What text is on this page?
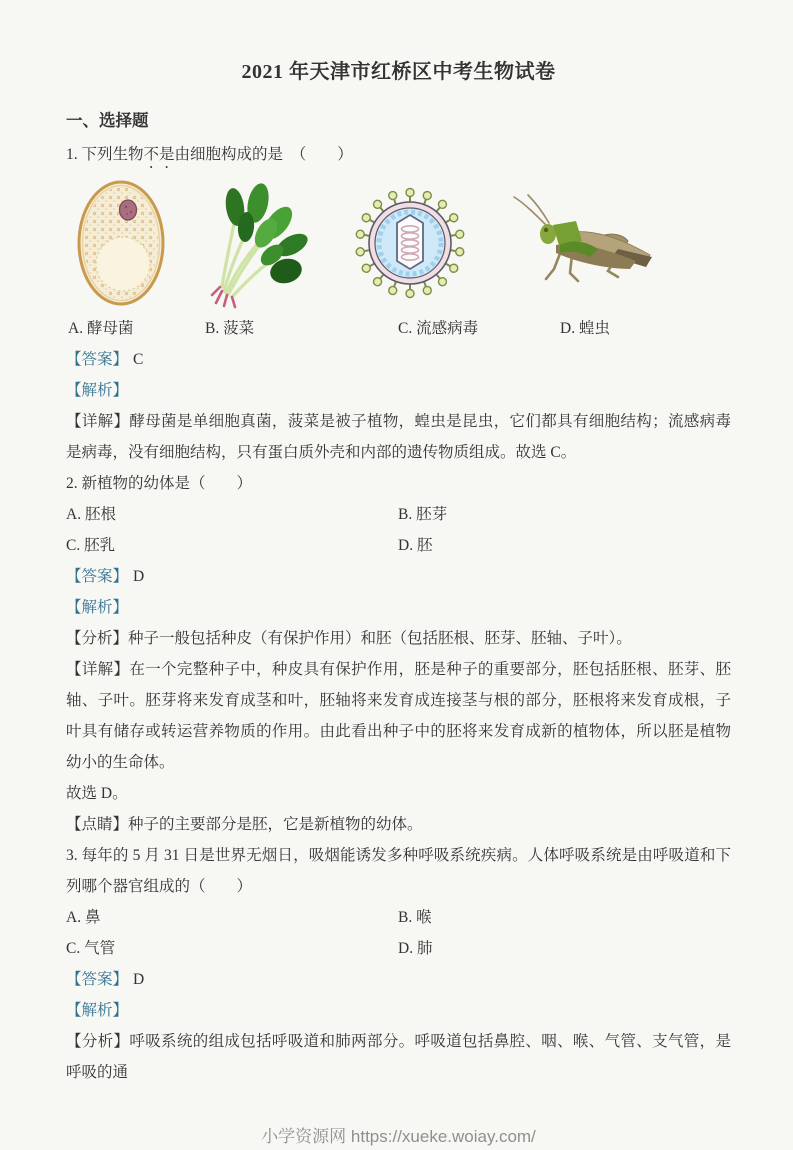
2021 年天津市红桥区中考生物试卷
一、选择题
1. 下列生物不是由细胞构成的是　（　　）
A. 酵母菌	B. 菠菜	C. 流感病毒	D. 蝗虫
【答案】 C
【解析】

【详解】酵母菌是单细胞真菌，菠菜是被子植物，蝗虫是昆虫，它们都具有细胞结构；流感病毒是病毒，没有细胞结构，只有蛋白质外壳和内部的遗传物质组成。故选 C。

2. 新植物的幼体是（　　）
A. 胚根	B. 胚芽
C. 胚乳	D. 胚
【答案】 D
【解析】

【分析】种子一般包括种皮（有保护作用）和胚（包括胚根、胚芽、胚轴、子叶）。

【详解】在一个完整种子中，种皮具有保护作用，胚是种子的重要部分，胚包括胚根、胚芽、胚轴、子叶。胚芽将来发育成茎和叶，胚轴将来发育成连接茎与根的部分，胚根将来发育成根，子叶具有储存或转运营养物质的作用。由此看出种子中的胚将来发育成新的植物体，所以胚是植物幼小的生命体。

故选 D。

【点睛】种子的主要部分是胚，它是新植物的幼体。

3. 每年的 5 月 31 日是世界无烟日，吸烟能诱发多种呼吸系统疾病。人体呼吸系统是由呼吸道和下列哪个器官组成的（　　）

A. 鼻	B. 喉
C. 气管	D. 肺
【答案】 D
【解析】

【分析】呼吸系统的组成包括呼吸道和肺两部分。呼吸道包括鼻腔、咽、喉、气管、支气管，是呼吸的通

小学资源网 https://xueke.woiay.com/
